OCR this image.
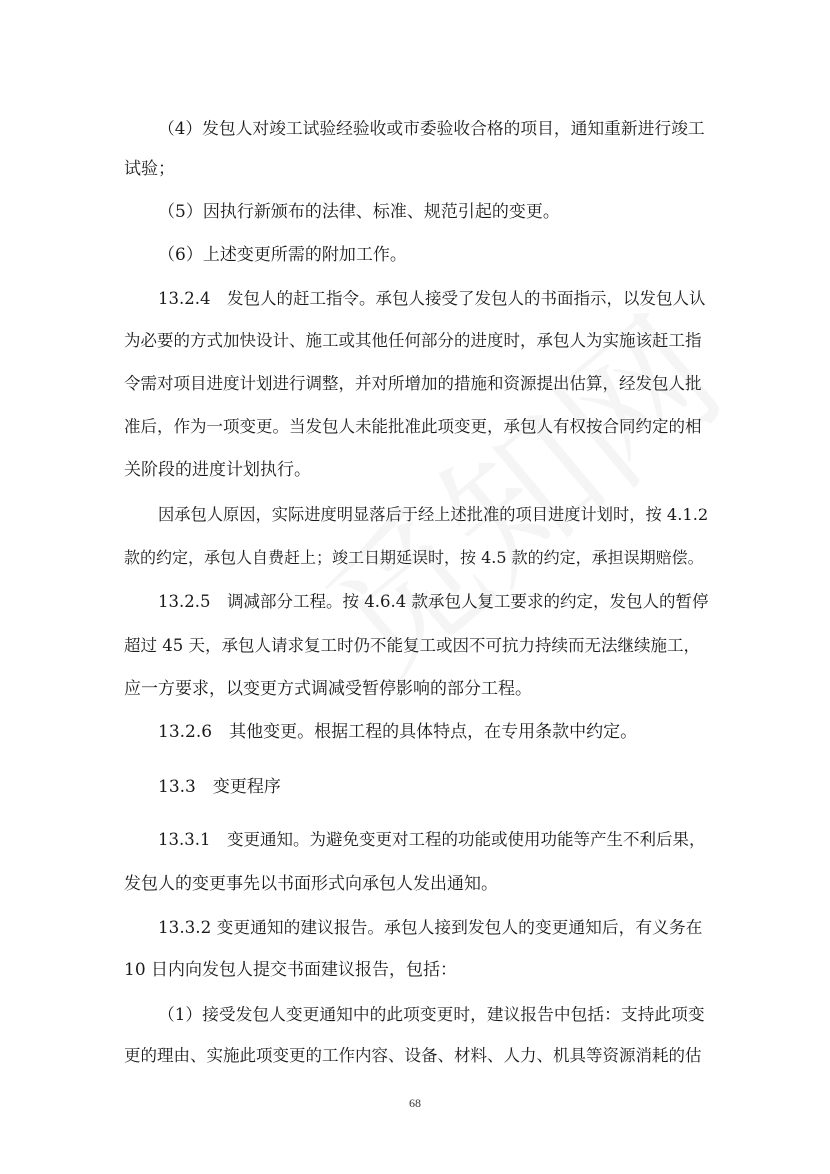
（4）发包人对竣工试验经验收或市委验收合格的项目，通知重新进行竣工
试验；
（5）因执行新颁布的法律、标准、规范引起的变更。
（6）上述变更所需的附加工作。
13.2.4　发包人的赶工指令。承包人接受了发包人的书面指示，以发包人认
为必要的方式加快设计、施工或其他任何部分的进度时，承包人为实施该赶工指
令需对项目进度计划进行调整，并对所增加的措施和资源提出估算，经发包人批
准后，作为一项变更。当发包人未能批准此项变更，承包人有权按合同约定的相
关阶段的进度计划执行。
因承包人原因，实际进度明显落后于经上述批准的项目进度计划时，按 4.1.2
款的约定，承包人自费赶上；竣工日期延误时，按 4.5 款的约定，承担误期赔偿。
13.2.5　调减部分工程。按 4.6.4 款承包人复工要求的约定，发包人的暂停
超过 45 天，承包人请求复工时仍不能复工或因不可抗力持续而无法继续施工，
应一方要求，以变更方式调减受暂停影响的部分工程。
13.2.6　其他变更。根据工程的具体特点，在专用条款中约定。
13.3　变更程序
13.3.1　变更通知。为避免变更对工程的功能或使用功能等产生不利后果，
发包人的变更事先以书面形式向承包人发出通知。
13.3.2 变更通知的建议报告。承包人接到发包人的变更通知后，有义务在
10 日内向发包人提交书面建议报告，包括：
（1）接受发包人变更通知中的此项变更时，建议报告中包括：支持此项变
更的理由、实施此项变更的工作内容、设备、材料、人力、机具等资源消耗的估
68
